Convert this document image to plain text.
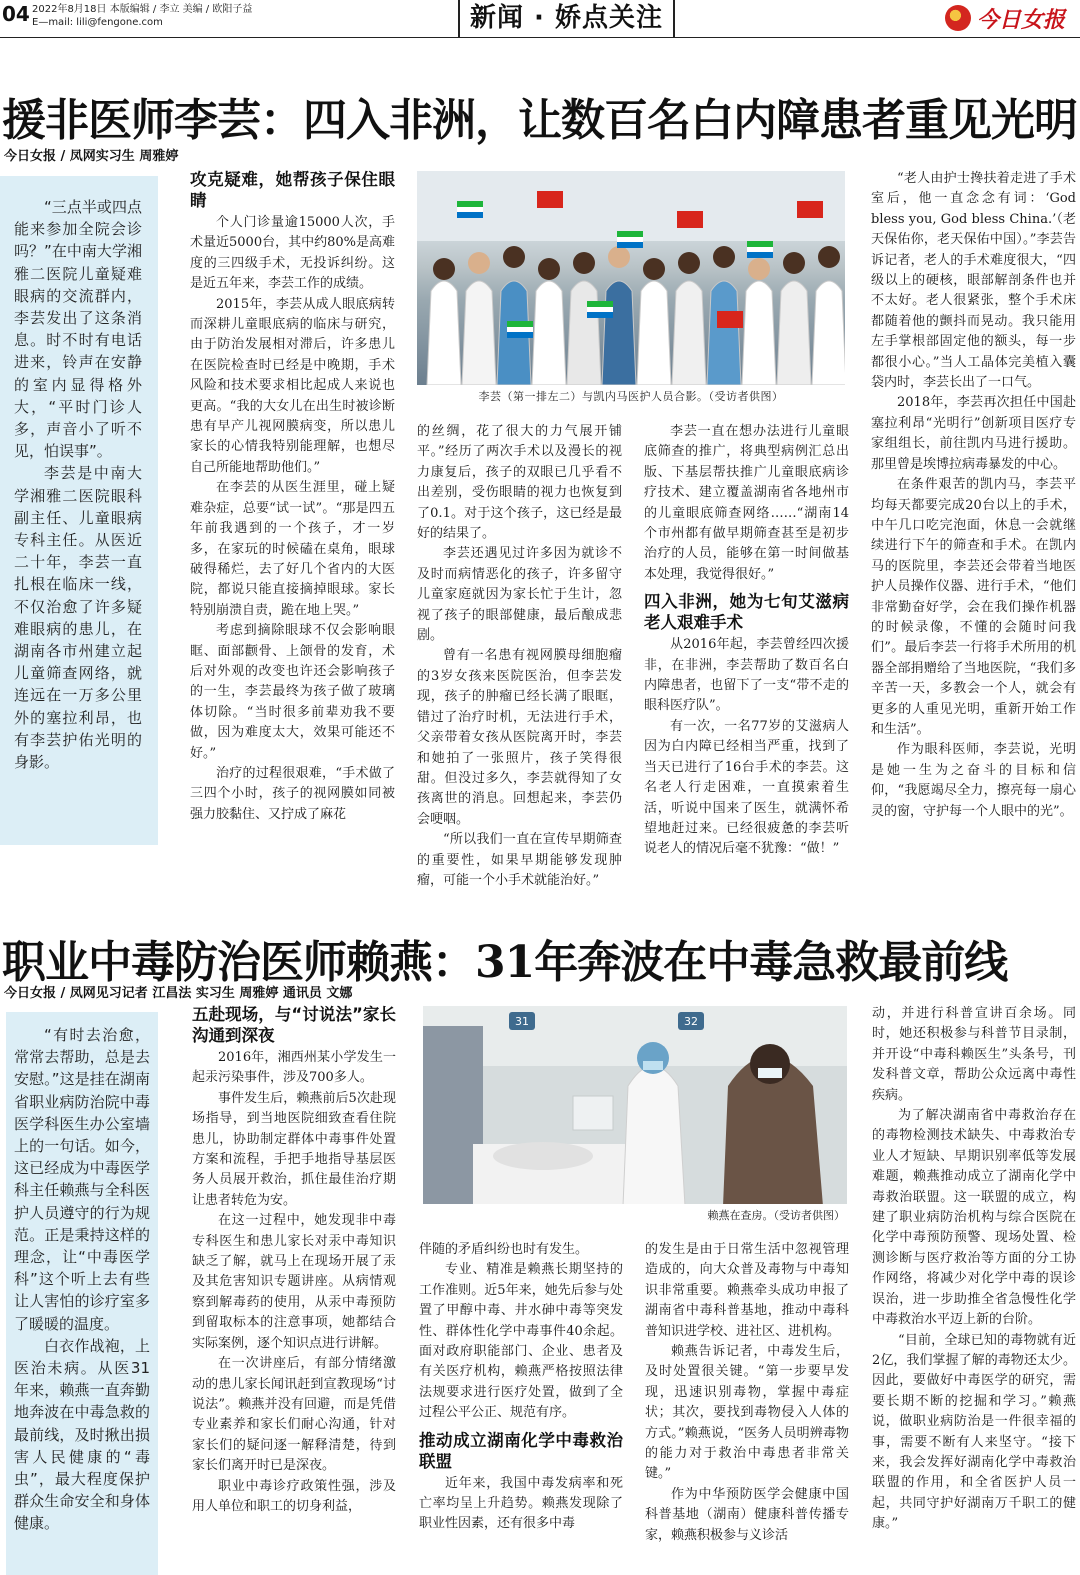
04 2022年8月18日 本版编辑 / 李立 美编 / 欧阳子益
E—mail: lili@fengone.com	新闻 · 娇点关注	今日女报
援非医师李芸：四入非洲，让数百名白内障患者重见光明
今日女报 / 凤网实习生 周雅婷

“三点半或四点能来参加全院会诊吗？”在中南大学湘雅二医院儿童疑难眼病的交流群内，李芸发出了这条消息。时不时有电话进来，铃声在安静的室内显得格外大，“平时门诊人多，声音小了听不见，怕误事”。

李芸是中南大学湘雅二医院眼科副主任、儿童眼病专科主任。从医近二十年，李芸一直扎根在临床一线，不仅治愈了许多疑难眼病的患儿，在湖南各市州建立起儿童筛查网络，就连远在一万多公里外的塞拉利昂，也有李芸护佑光明的身影。

攻克疑难，她帮孩子保住眼睛

个人门诊量逾15000人次，手术量近5000台，其中约80%是高难度的三四级手术，无投诉纠纷。这是近五年来，李芸工作的成绩。

2015年，李芸从成人眼底病转而深耕儿童眼底病的临床与研究，由于防治发展相对滞后，许多患儿在医院检查时已经是中晚期，手术风险和技术要求相比起成人来说也更高。“我的大女儿在出生时被诊断患有早产儿视网膜病变，所以患儿家长的心情我特别能理解，也想尽自己所能地帮助他们。”

在李芸的从医生涯里，碰上疑难杂症，总要“试一试”。“那是四五年前我遇到的一个孩子，才一岁多，在家玩的时候磕在桌角，眼球破得稀烂，去了好几个省内的大医院，都说只能直接摘掉眼球。家长特别崩溃自责，跪在地上哭。”

考虑到摘除眼球不仅会影响眼眶、面部颧骨、上颌骨的发育，术后对外观的改变也许还会影响孩子的一生，李芸最终为孩子做了玻璃体切除。“当时很多前辈劝我不要做，因为难度太大，效果可能还不好。”

治疗的过程很艰难，“手术做了三四个小时，孩子的视网膜如同被强力胶黏住、又拧成了麻花

李芸（第一排左二）与凯内马医护人员合影。（受访者供图）

的丝绸，花了很大的力气展开铺平。”经历了两次手术以及漫长的视力康复后，孩子的双眼已几乎看不出差别，受伤眼睛的视力也恢复到了0.1。对于这个孩子，这已经是最好的结果了。

李芸还遇见过许多因为就诊不及时而病情恶化的孩子，许多留守儿童家庭就因为家长忙于生计，忽视了孩子的眼部健康，最后酿成悲剧。

曾有一名患有视网膜母细胞瘤的3岁女孩来医院医治，但李芸发现，孩子的肿瘤已经长满了眼眶，错过了治疗时机，无法进行手术，父亲带着女孩从医院离开时，李芸和她拍了一张照片，孩子笑得很甜。但没过多久，李芸就得知了女孩离世的消息。回想起来，李芸仍会哽咽。

“所以我们一直在宣传早期筛查的重要性，如果早期能够发现肿瘤，可能一个小手术就能治好。”

李芸一直在想办法进行儿童眼底筛查的推广，将典型病例汇总出版、下基层帮扶推广儿童眼底病诊疗技术、建立覆盖湖南省各地州市的儿童眼底筛查网络……“湖南14个市州都有做早期筛查甚至是初步治疗的人员，能够在第一时间做基本处理，我觉得很好。”

四入非洲，她为七旬艾滋病老人艰难手术

从2016年起，李芸曾经四次援非，在非洲，李芸帮助了数百名白内障患者，也留下了一支“带不走的眼科医疗队”。

有一次，一名77岁的艾滋病人因为白内障已经相当严重，找到了当天已进行了16台手术的李芸。这名老人行走困难，一直摸索着生活，听说中国来了医生，就满怀希望地赶过来。已经很疲惫的李芸听说老人的情况后毫不犹豫：“做！”

“老人由护士搀扶着走进了手术室后，他一直念念有词：‘God bless you, God bless China.’（老天保佑你，老天保佑中国）。”李芸告诉记者，老人的手术难度很大，“四级以上的硬核，眼部解剖条件也并不太好。老人很紧张，整个手术床都随着他的颤抖而晃动。我只能用左手掌根部固定他的额头，每一步都很小心。”当人工晶体完美植入囊袋内时，李芸长出了一口气。

2018年，李芸再次担任中国赴塞拉利昂“光明行”创新项目医疗专家组组长，前往凯内马进行援助。那里曾是埃博拉病毒暴发的中心。

在条件艰苦的凯内马，李芸平均每天都要完成20台以上的手术，中午几口吃完泡面，休息一会就继续进行下午的筛查和手术。在凯内马的医院里，李芸还会带着当地医护人员操作仪器、进行手术，“他们非常勤奋好学，会在我们操作机器的时候录像，不懂的会随时问我们”。最后李芸一行将手术所用的机器全部捐赠给了当地医院，“我们多辛苦一天，多教会一个人，就会有更多的人重见光明，重新开始工作和生活”。

作为眼科医师，李芸说，光明是她一生为之奋斗的目标和信仰，“我愿竭尽全力，擦亮每一扇心灵的窗，守护每一个人眼中的光”。

职业中毒防治医师赖燕：31年奔波在中毒急救最前线
今日女报 / 凤网见习记者 江昌法 实习生 周雅婷 通讯员 文娜

“有时去治愈，常常去帮助，总是去安慰。”这是挂在湖南省职业病防治院中毒医学科医生办公室墙上的一句话。如今，这已经成为中毒医学科主任赖燕与全科医护人员遵守的行为规范。正是秉持这样的理念，让“中毒医学科”这个听上去有些让人害怕的诊疗室多了暖暖的温度。

白衣作战袍，上医治未病。从医31年来，赖燕一直奔勤地奔波在中毒急救的最前线，及时揪出损害人民健康的“毒虫”，最大程度保护群众生命安全和身体健康。

五赴现场，与“讨说法”家长沟通到深夜

2016年，湘西州某小学发生一起汞污染事件，涉及700多人。

事件发生后，赖燕前后5次赴现场指导，到当地医院细致查看住院患儿，协助制定群体中毒事件处置方案和流程，手把手地指导基层医务人员展开救治，抓住最佳治疗期让患者转危为安。

在这一过程中，她发现非中毒专科医生和患儿家长对汞中毒知识缺乏了解，就马上在现场开展了汞及其危害知识专题讲座。从病情观察到解毒药的使用，从汞中毒预防到留取标本的注意事项，她都结合实际案例，逐个知识点进行讲解。

在一次讲座后，有部分情绪激动的患儿家长闻讯赶到宣教现场“讨说法”。赖燕并没有回避，而是凭借专业素养和家长们耐心沟通，针对家长们的疑问逐一解释清楚，待到家长们离开时已是深夜。

职业中毒诊疗政策性强，涉及用人单位和职工的切身利益，

31	32
赖燕在查房。（受访者供图）

伴随的矛盾纠纷也时有发生。

专业、精准是赖燕长期坚持的工作准则。近5年来，她先后参与处置了甲醇中毒、井水砷中毒等突发性、群体性化学中毒事件40余起。面对政府职能部门、企业、患者及有关医疗机构，赖燕严格按照法律法规要求进行医疗处置，做到了全过程公平公正、规范有序。

推动成立湖南化学中毒救治联盟

近年来，我国中毒发病率和死亡率均呈上升趋势。赖燕发现除了职业性因素，还有很多中毒

的发生是由于日常生活中忽视管理造成的，向大众普及毒物与中毒知识非常重要。赖燕牵头成功申报了湖南省中毒科普基地，推动中毒科普知识进学校、进社区、进机构。

赖燕告诉记者，中毒发生后，及时处置很关键。“第一步要早发现，迅速识别毒物，掌握中毒症状；其次，要找到毒物侵入人体的方式。”赖燕说，“医务人员明辨毒物的能力对于救治中毒患者非常关键。”

作为中华预防医学会健康中国科普基地（湖南）健康科普传播专家，赖燕积极参与义诊活

动，并进行科普宣讲百余场。同时，她还积极参与科普节目录制，并开设“中毒科赖医生”头条号，刊发科普文章，帮助公众远离中毒性疾病。

为了解决湖南省中毒救治存在的毒物检测技术缺失、中毒救治专业人才短缺、早期识别率低等发展难题，赖燕推动成立了湖南化学中毒救治联盟。这一联盟的成立，构建了职业病防治机构与综合医院在化学中毒预防预警、现场处置、检测诊断与医疗救治等方面的分工协作网络，将减少对化学中毒的误诊误治，进一步助推全省急慢性化学中毒救治水平迈上新的台阶。

“目前，全球已知的毒物就有近2亿，我们掌握了解的毒物还太少。因此，要做好中毒医学的研究，需要长期不断的挖掘和学习。”赖燕说，做职业病防治是一件很幸福的事，需要不断有人来坚守。“接下来，我会发挥好湖南化学中毒救治联盟的作用，和全省医护人员一起，共同守护好湖南万千职工的健康。”
